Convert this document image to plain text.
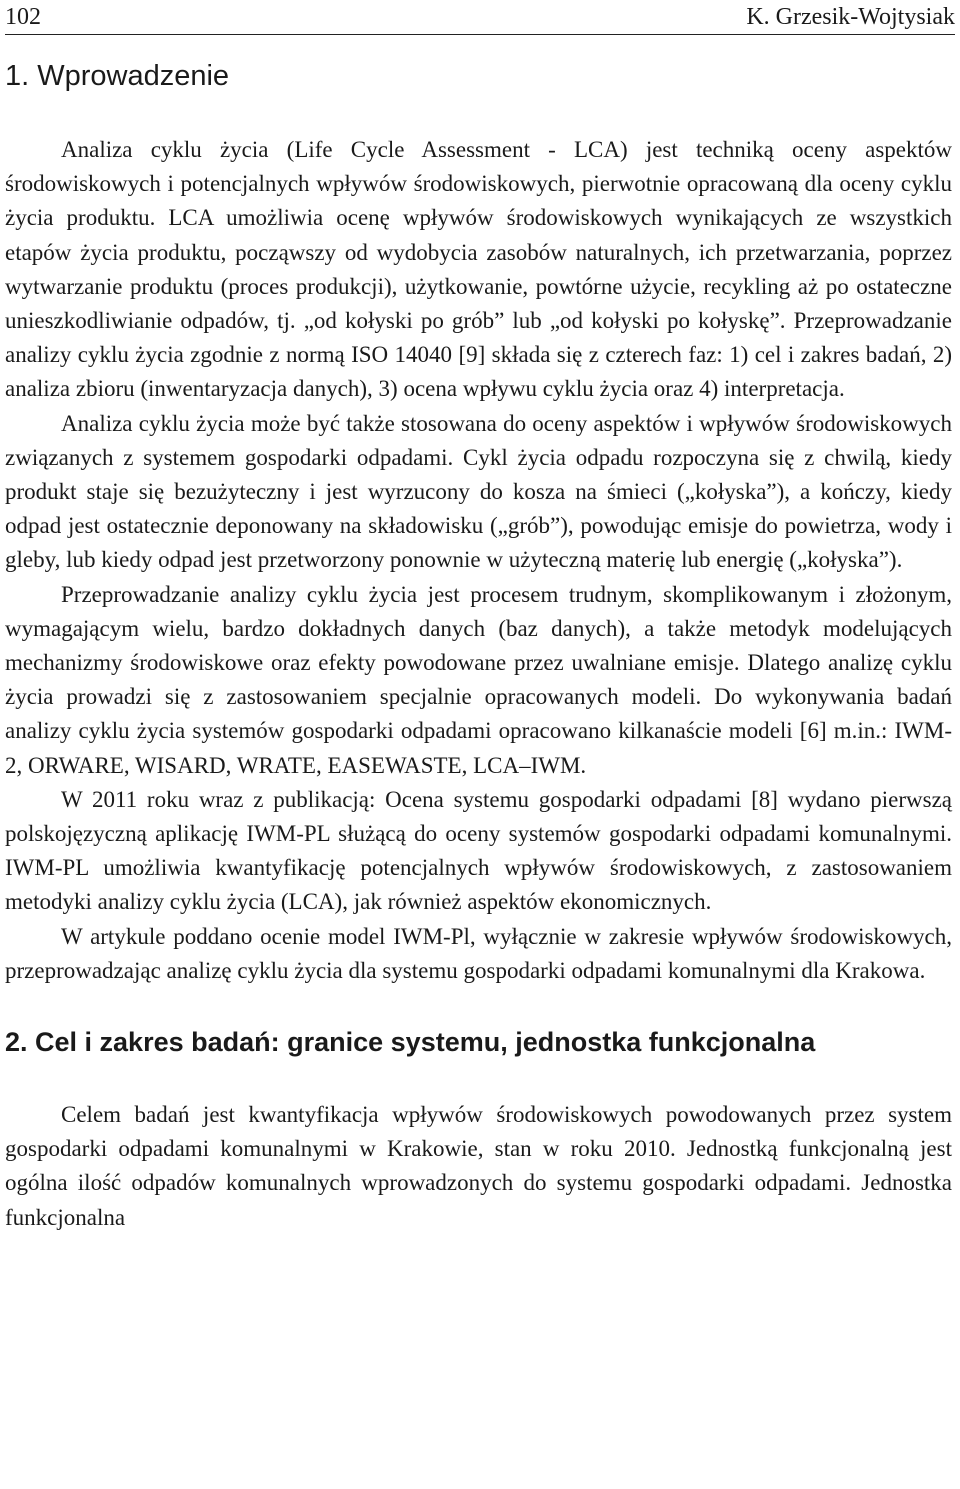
102	K. Grzesik-Wojtysiak
1. Wprowadzenie

Analiza cyklu życia (Life Cycle Assessment - LCA) jest techniką oceny aspektów środowiskowych i potencjalnych wpływów środowiskowych, pierwotnie opracowaną dla oceny cyklu życia produktu. LCA umożliwia ocenę wpływów środowiskowych wynikających ze wszystkich etapów życia produktu, począwszy od wydobycia zasobów naturalnych, ich przetwarzania, poprzez wytwarzanie produktu (proces produkcji), użytkowanie, powtórne użycie, recykling aż po ostateczne unieszkodliwianie odpadów, tj. „od kołyski po grób” lub „od kołyski po kołyskę”. Przeprowadzanie analizy cyklu życia zgodnie z normą ISO 14040 [9] składa się z czterech faz: 1) cel i zakres badań, 2) analiza zbioru (inwentaryzacja danych), 3) ocena wpływu cyklu życia oraz 4) interpretacja.

Analiza cyklu życia może być także stosowana do oceny aspektów i wpływów środowiskowych związanych z systemem gospodarki odpadami. Cykl życia odpadu rozpoczyna się z chwilą, kiedy produkt staje się bezużyteczny i jest wyrzucony do kosza na śmieci („kołyska”), a kończy, kiedy odpad jest ostatecznie deponowany na składowisku („grób”), powodując emisje do powietrza, wody i gleby, lub kiedy odpad jest przetworzony ponownie w użyteczną materię lub energię („kołyska”).

Przeprowadzanie analizy cyklu życia jest procesem trudnym, skomplikowanym i złożonym, wymagającym wielu, bardzo dokładnych danych (baz danych), a także metodyk modelujących mechanizmy środowiskowe oraz efekty powodowane przez uwalniane emisje. Dlatego analizę cyklu życia prowadzi się z zastosowaniem specjalnie opracowanych modeli. Do wykonywania badań analizy cyklu życia systemów gospodarki odpadami opracowano kilkanaście modeli [6] m.in.: IWM-2, ORWARE, WISARD, WRATE, EASEWASTE, LCA–IWM.

W 2011 roku wraz z publikacją: Ocena systemu gospodarki odpadami [8] wydano pierwszą polskojęzyczną aplikację IWM-PL służącą do oceny systemów gospodarki odpadami komunalnymi. IWM-PL umożliwia kwantyfikację potencjalnych wpływów środowiskowych, z zastosowaniem metodyki analizy cyklu życia (LCA), jak również aspektów ekonomicznych.

W artykule poddano ocenie model IWM-Pl, wyłącznie w zakresie wpływów środowiskowych, przeprowadzając analizę cyklu życia dla systemu gospodarki odpadami komunalnymi dla Krakowa.

2. Cel i zakres badań: granice systemu, jednostka funkcjonalna

Celem badań jest kwantyfikacja wpływów środowiskowych powodowanych przez system gospodarki odpadami komunalnymi w Krakowie, stan w roku 2010. Jednostką funkcjonalną jest ogólna ilość odpadów komunalnych wprowadzonych do systemu gospodarki odpadami. Jednostka funkcjonalna
